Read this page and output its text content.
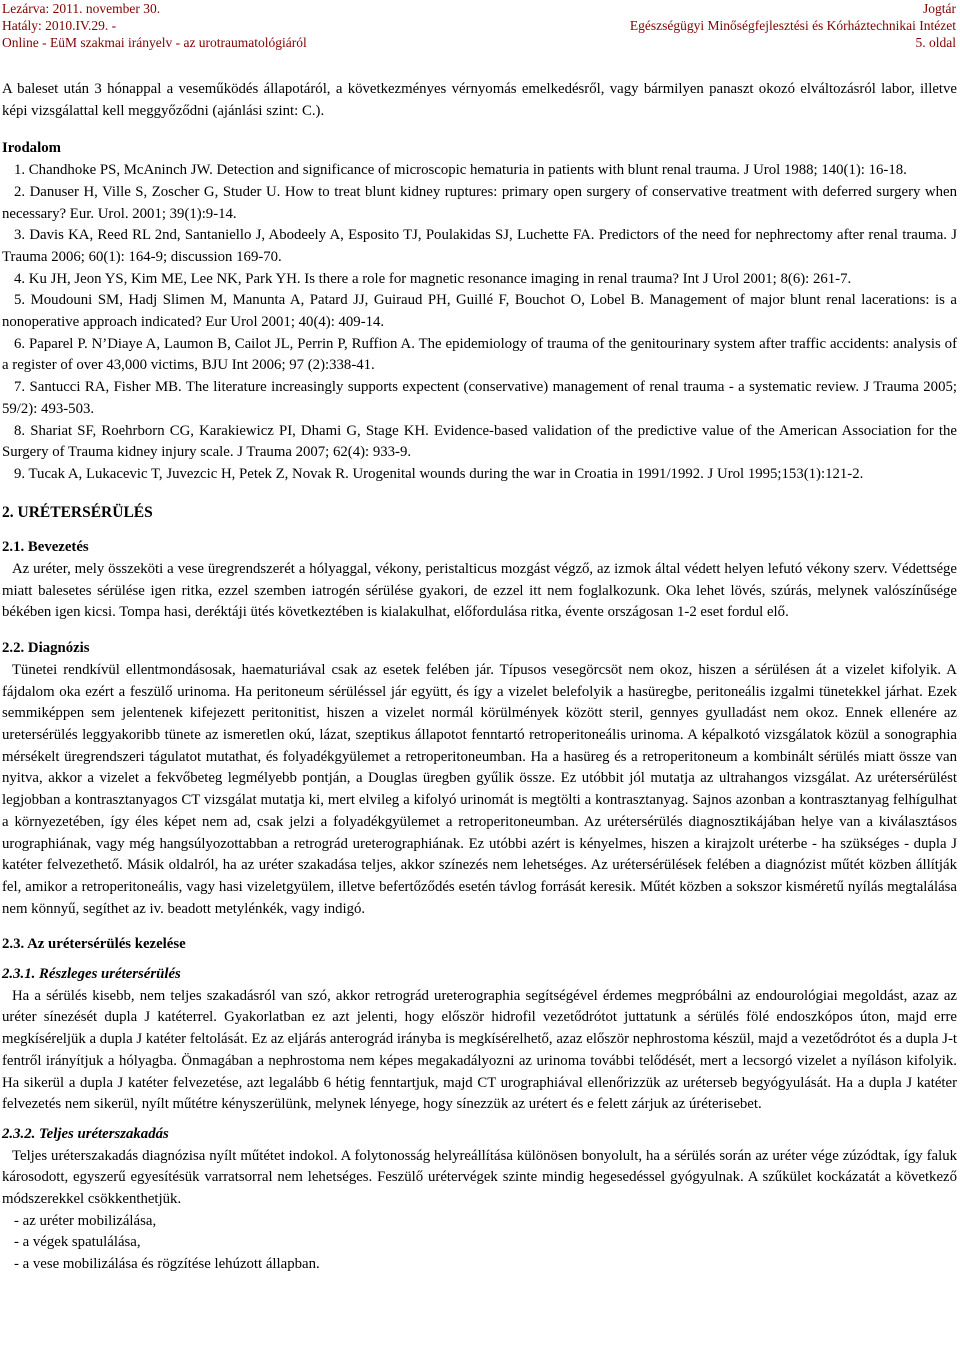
Lezárva: 2011. november 30.
Hatály: 2010.IV.29. -
Online - EüM szakmai irányelv - az urotraumatológiáról
Jogtár
Egészségügyi Minőségfejlesztési és Kórháztechnikai Intézet
5. oldal

A baleset után 3 hónappal a veseműködés állapotáról, a következményes vérnyomás emelkedésről, vagy bármilyen panaszt okozó elváltozásról labor, illetve képi vizsgálattal kell meggyőződni (ajánlási szint: C.).

Irodalom

1. Chandhoke PS, McAninch JW. Detection and significance of microscopic hematuria in patients with blunt renal trauma. J Urol 1988; 140(1): 16-18.

2. Danuser H, Ville S, Zoscher G, Studer U. How to treat blunt kidney ruptures: primary open surgery of conservative treatment with deferred surgery when necessary? Eur. Urol. 2001; 39(1):9-14.

3. Davis KA, Reed RL 2nd, Santaniello J, Abodeely A, Esposito TJ, Poulakidas SJ, Luchette FA. Predictors of the need for nephrectomy after renal trauma. J Trauma 2006; 60(1): 164-9; discussion 169-70.

4. Ku JH, Jeon YS, Kim ME, Lee NK, Park YH. Is there a role for magnetic resonance imaging in renal trauma? Int J Urol 2001; 8(6): 261-7.

5. Moudouni SM, Hadj Slimen M, Manunta A, Patard JJ, Guiraud PH, Guillé F, Bouchot O, Lobel B. Management of major blunt renal lacerations: is a nonoperative approach indicated? Eur Urol 2001; 40(4): 409-14.

6. Paparel P. N’Diaye A, Laumon B, Cailot JL, Perrin P, Ruffion A. The epidemiology of trauma of the genitourinary system after traffic accidents: analysis of a register of over 43,000 victims, BJU Int 2006; 97 (2):338-41.

7. Santucci RA, Fisher MB. The literature increasingly supports expectent (conservative) management of renal trauma - a systematic review. J Trauma 2005; 59/2): 493-503.

8. Shariat SF, Roehrborn CG, Karakiewicz PI, Dhami G, Stage KH. Evidence-based validation of the predictive value of the American Association for the Surgery of Trauma kidney injury scale. J Trauma 2007; 62(4): 933-9.

9. Tucak A, Lukacevic T, Juvezcic H, Petek Z, Novak R. Urogenital wounds during the war in Croatia in 1991/1992. J Urol 1995;153(1):121-2.

2. URÉTERSÉRÜLÉS

2.1. Bevezetés

Az uréter, mely összeköti a vese üregrendszerét a hólyaggal, vékony, peristalticus mozgást végző, az izmok által védett helyen lefutó vékony szerv. Védettsége miatt balesetes sérülése igen ritka, ezzel szemben iatrogén sérülése gyakori, de ezzel itt nem foglalkozunk. Oka lehet lövés, szúrás, melynek valószínűsége békében igen kicsi. Tompa hasi, deréktáji ütés következtében is kialakulhat, előfordulása ritka, évente országosan 1-2 eset fordul elő.

2.2. Diagnózis

Tünetei rendkívül ellentmondásosak, haematuriával csak az esetek felében jár. Típusos vesegörcsöt nem okoz, hiszen a sérülésen át a vizelet kifolyik. A fájdalom oka ezért a feszülő urinoma. Ha peritoneum sérüléssel jár együtt, és így a vizelet belefolyik a hasüregbe, peritoneális izgalmi tünetekkel járhat. Ezek semmiképpen sem jelentenek kifejezett peritonitist, hiszen a vizelet normál körülmények között steril, gennyes gyulladást nem okoz. Ennek ellenére az uretersérülés leggyakoribb tünete az ismeretlen okú, lázat, szeptikus állapotot fenntartó retroperitoneális urinoma. A képalkotó vizsgálatok közül a sonographia mérsékelt üregrendszeri tágulatot mutathat, és folyadékgyülemet a retroperitoneumban. Ha a hasüreg és a retroperitoneum a kombinált sérülés miatt össze van nyitva, akkor a vizelet a fekvőbeteg legmélyebb pontján, a Douglas üregben gyűlik össze. Ez utóbbit jól mutatja az ultrahangos vizsgálat. Az urétersérülést legjobban a kontrasztanyagos CT vizsgálat mutatja ki, mert elvileg a kifolyó urinomát is megtölti a kontrasztanyag. Sajnos azonban a kontrasztanyag felhígulhat a környezetében, így éles képet nem ad, csak jelzi a folyadékgyülemet a retroperitoneumban. Az urétersérülés diagnosztikájában helye van a kiválasztásos urographiának, vagy még hangsúlyozottabban a retrográd ureterographiának. Ez utóbbi azért is kényelmes, hiszen a kirajzolt uréterbe - ha szükséges - dupla J katéter felvezethető. Másik oldalról, ha az uréter szakadása teljes, akkor színezés nem lehetséges. Az urétersérülések felében a diagnózist műtét közben állítják fel, amikor a retroperitoneális, vagy hasi vizeletgyülem, illetve befertőződés esetén távlog forrását keresik. Műtét közben a sokszor kisméretű nyílás megtalálása nem könnyű, segíthet az iv. beadott metylénkék, vagy indigó.

2.3. Az urétersérülés kezelése

2.3.1. Részleges urétersérülés

Ha a sérülés kisebb, nem teljes szakadásról van szó, akkor retrográd ureterographia segítségével érdemes megpróbálni az endourológiai megoldást, azaz az uréter sínezését dupla J katéterrel. Gyakorlatban ez azt jelenti, hogy először hidrofil vezetődrótot juttatunk a sérülés fölé endoszkópos úton, majd erre megkíséreljük a dupla J katéter feltolását. Ez az eljárás anterográd irányba is megkísérelhető, azaz először nephrostoma készül, majd a vezetődrótot és a dupla J-t fentről irányítjuk a hólyagba. Önmagában a nephrostoma nem képes megakadályozni az urinoma további telődését, mert a lecsorgó vizelet a nyíláson kifolyik. Ha sikerül a dupla J katéter felvezetése, azt legalább 6 hétig fenntartjuk, majd CT urographiával ellenőrizzük az uréterseb begyógyulását. Ha a dupla J katéter felvezetés nem sikerül, nyílt műtétre kényszerülünk, melynek lényege, hogy sínezzük az urétert és e felett zárjuk az úréterisebet.

2.3.2. Teljes uréterszakadás

Teljes uréterszakadás diagnózisa nyílt műtétet indokol. A folytonosság helyreállítása különösen bonyolult, ha a sérülés során az uréter vége zúzódtak, így faluk károsodott, egyszerű egyesítésük varratsorral nem lehetséges. Feszülő urétervégek szinte mindig hegesedéssel gyógyulnak. A szűkület kockázatát a következő módszerekkel csökkenthetjük.

- az uréter mobilizálása,

- a végek spatulálása,

- a vese mobilizálása és rögzítése lehúzott állapban.
